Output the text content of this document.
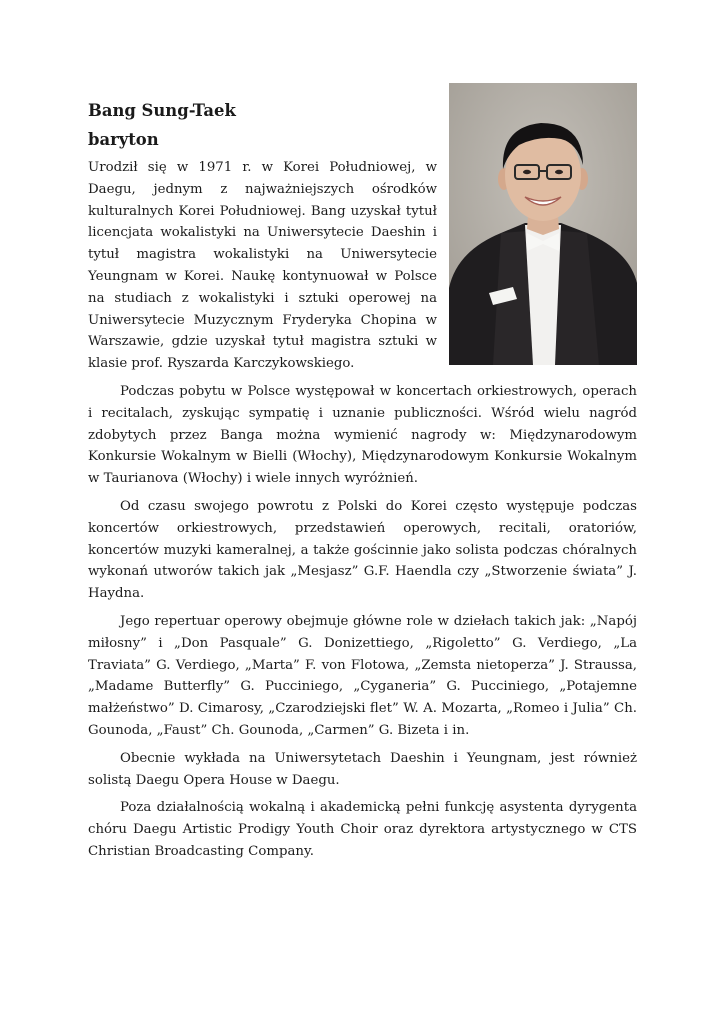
Bang Sung-Taek
baryton

Urodził się w 1971 r. w Korei Południowej, w Daegu, jednym z najważniejszych ośrodków kulturalnych Korei Południowej. Bang uzyskał tytuł licencjata wokalistyki na Uniwersytecie Daeshin i tytuł magistra wokalistyki na Uniwersytecie Yeungnam w Korei. Naukę kontynuował w Polsce na studiach z wokalistyki i sztuki operowej na Uniwersytecie Muzycznym Fryderyka Chopina w Warszawie, gdzie uzyskał tytuł magistra sztuki w klasie prof. Ryszarda Karczykowskiego.

Podczas pobytu w Polsce występował w koncertach orkiestrowych, operach i recitalach, zyskując sympatię i uznanie publiczności. Wśród wielu nagród zdobytych przez Banga można wymienić nagrody w: Międzynarodowym Konkursie Wokalnym w Bielli (Włochy), Międzynarodowym Konkursie Wokalnym w Taurianova (Włochy) i wiele innych wyróżnień.

Od czasu swojego powrotu z Polski do Korei często występuje podczas koncertów orkiestrowych, przedstawień operowych, recitali, oratoriów, koncertów muzyki kameralnej, a także gościnnie jako solista podczas chóralnych wykonań utworów takich jak „Mesjasz” G.F. Haendla czy „Stworzenie świata” J. Haydna.

Jego repertuar operowy obejmuje główne role w dziełach takich jak: „Napój miłosny” i „Don Pasquale” G. Donizettiego, „Rigoletto” G. Verdiego, „La Traviata” G. Verdiego, „Marta” F. von Flotowa, „Zemsta nietoperza” J. Straussa, „Madame Butterfly” G. Pucciniego, „Cyganeria” G. Pucciniego, „Potajemne małżeństwo” D. Cimarosy, „Czarodziejski flet” W. A. Mozarta, „Romeo i Julia” Ch. Gounoda, „Faust” Ch. Gounoda, „Carmen” G. Bizeta i in.

Obecnie wykłada na Uniwersytetach Daeshin i Yeungnam, jest również solistą Daegu Opera House w Daegu.

Poza działalnością wokalną i akademicką pełni funkcję asystenta dyrygenta chóru Daegu Artistic Prodigy Youth Choir oraz dyrektora artystycznego w CTS Christian Broadcasting Company.
